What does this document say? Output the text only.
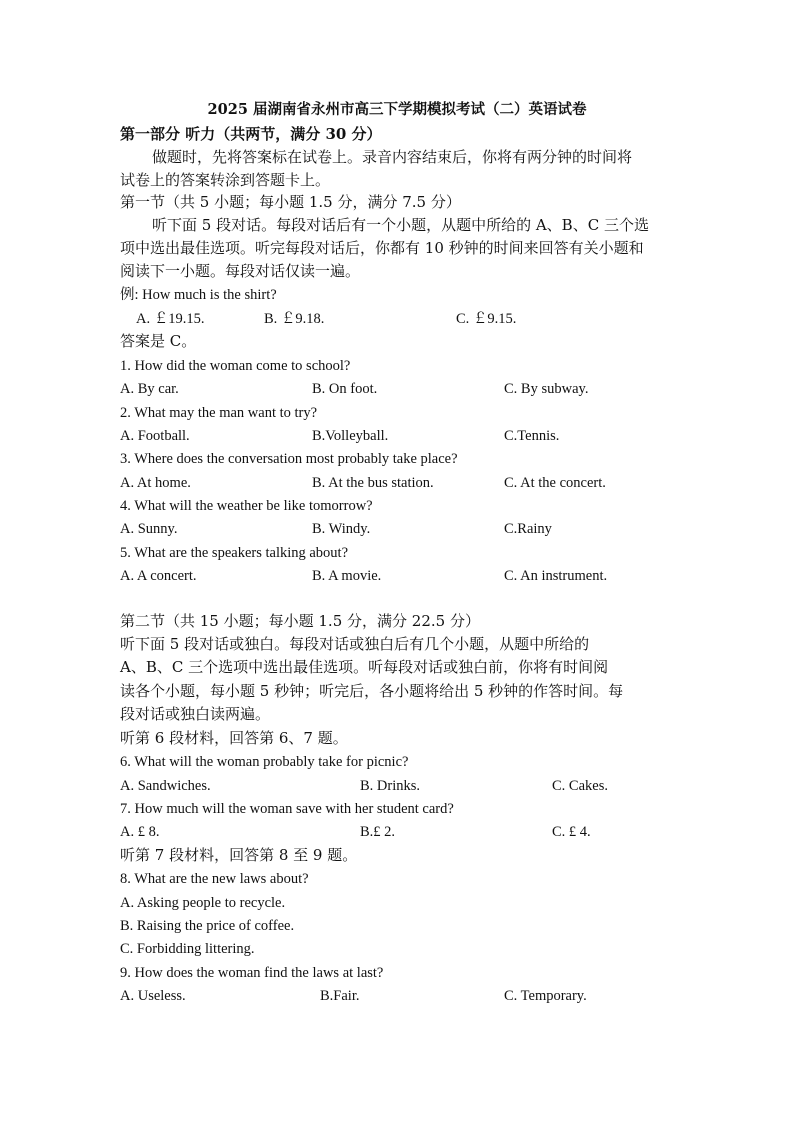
2025 届湖南省永州市高三下学期模拟考试（二）英语试卷
第一部分 听力（共两节，满分 30 分）
做题时，先将答案标在试卷上。录音内容结束后，你将有两分钟的时间将
试卷上的答案转涂到答题卡上。
第一节（共 5 小题；每小题 1.5 分，满分 7.5 分）
听下面 5 段对话。每段对话后有一个小题，从题中所给的 A、B、C 三个选
项中选出最佳选项。听完每段对话后，你都有 10 秒钟的时间来回答有关小题和
阅读下一小题。每段对话仅读一遍。
例: How much is the shirt?
A. ￡19.15.	B. ￡9.18.	C. ￡9.15.
答案是 C。
1. How did the woman come to school?
A. By car.	B. On foot.	C. By subway.
2. What may the man want to try?
A. Football.	B.Volleyball.	C.Tennis.
3. Where does the conversation most probably take place?
A. At home.	B. At the bus station.	C. At the concert.
4. What will the weather be like tomorrow?
A. Sunny.	B. Windy.	C.Rainy
5. What are the speakers talking about?
A. A concert.	B. A movie.	C. An instrument.
第二节（共 15 小题；每小题 1.5 分，满分 22.5 分）
听下面 5 段对话或独白。每段对话或独白后有几个小题，从题中所给的
A、B、C 三个选项中选出最佳选项。听每段对话或独白前，你将有时间阅
读各个小题，每小题 5 秒钟；听完后，各小题将给出 5 秒钟的作答时间。每
段对话或独白读两遍。
听第 6 段材料，回答第 6、7 题。
6. What will the woman probably take for picnic?
A. Sandwiches.	B. Drinks.	C. Cakes.
7. How much will the woman save with her student card?
A. £ 8.	B.£ 2.	C. £ 4.
听第 7 段材料，回答第 8 至 9 题。
8. What are the new laws about?
A. Asking people to recycle.
B. Raising the price of coffee.
C. Forbidding littering.
9. How does the woman find the laws at last?
A. Useless.	B.Fair.	C. Temporary.
